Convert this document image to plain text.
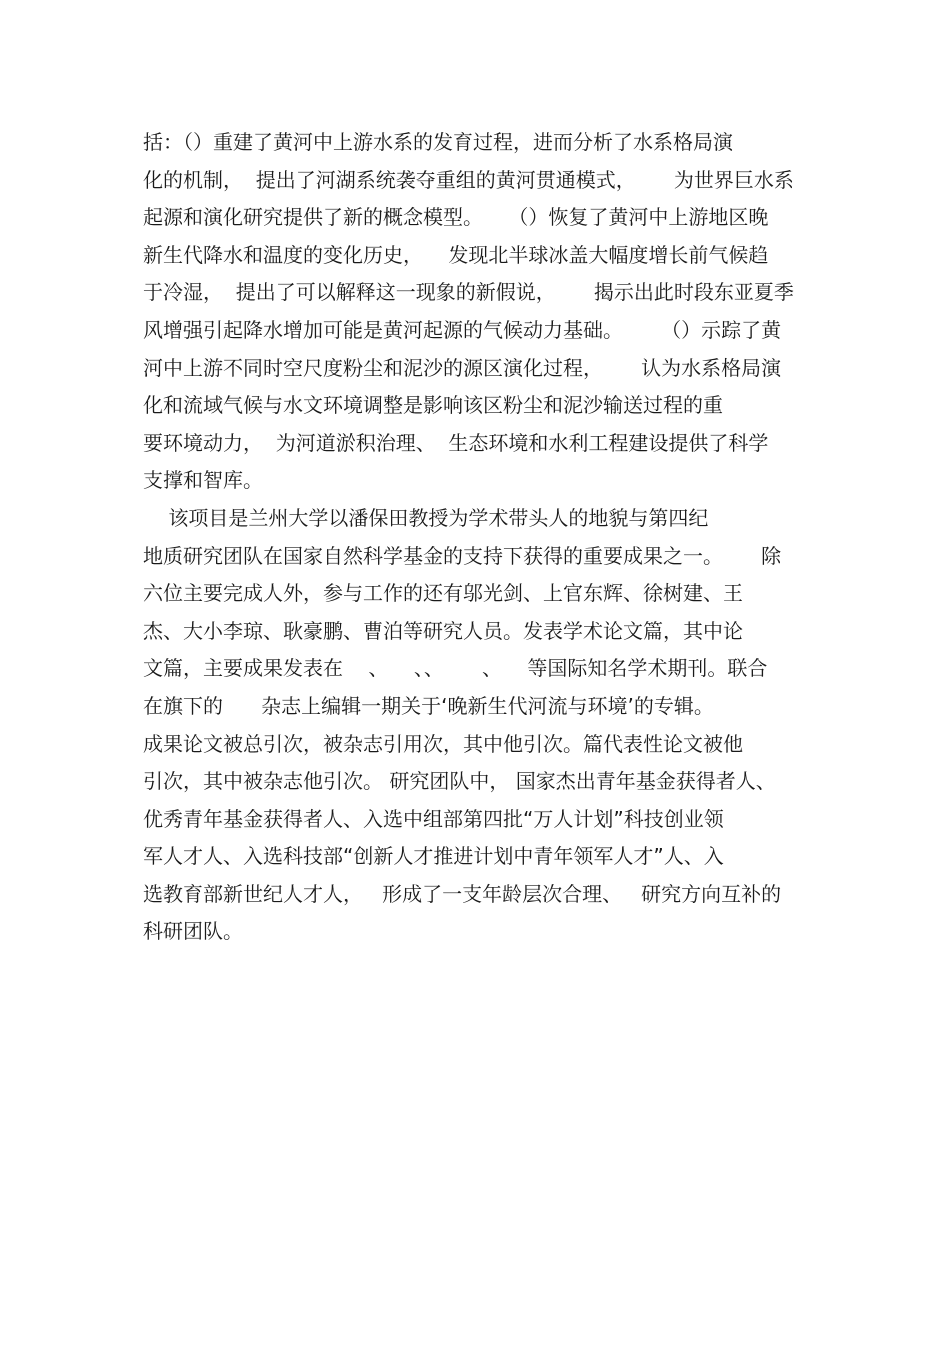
括：（）重建了黄河中上游水系的发育过程，进而分析了水系格局演
化的机制，  提出了河湖系统袭夺重组的黄河贯通模式，      为世界巨水系
起源和演化研究提供了新的概念模型。    （）恢复了黄河中上游地区晚
新生代降水和温度的变化历史，    发现北半球冰盖大幅度增长前气候趋
于冷湿，  提出了可以解释这一现象的新假说，      揭示出此时段东亚夏季
风增强引起降水增加可能是黄河起源的气候动力基础。      （）示踪了黄
河中上游不同时空尺度粉尘和泥沙的源区演化过程，      认为水系格局演
化和流域气候与水文环境调整是影响该区粉尘和泥沙输送过程的重
要环境动力，  为河道淤积治理、  生态环境和水利工程建设提供了科学
支撑和智库。
该项目是兰州大学以潘保田教授为学术带头人的地貌与第四纪
地质研究团队在国家自然科学基金的支持下获得的重要成果之一。      除
六位主要完成人外，参与工作的还有邬光剑、上官东辉、徐树建、王
杰、大小李琼、耿豪鹏、曹泊等研究人员。发表学术论文篇，其中论
文篇，主要成果发表在    、    、、      、    等国际知名学术期刊。联合
在旗下的      杂志上编辑一期关于‘晚新生代河流与环境’的专辑。
成果论文被总引次，被杂志引用次，其中他引次。篇代表性论文被他
引次，其中被杂志他引次。 研究团队中， 国家杰出青年基金获得者人、
优秀青年基金获得者人、入选中组部第四批“万人计划”科技创业领
军人才人、入选科技部“创新人才推进计划中青年领军人才”人、入
选教育部新世纪人才人，   形成了一支年龄层次合理、   研究方向互补的
科研团队。
